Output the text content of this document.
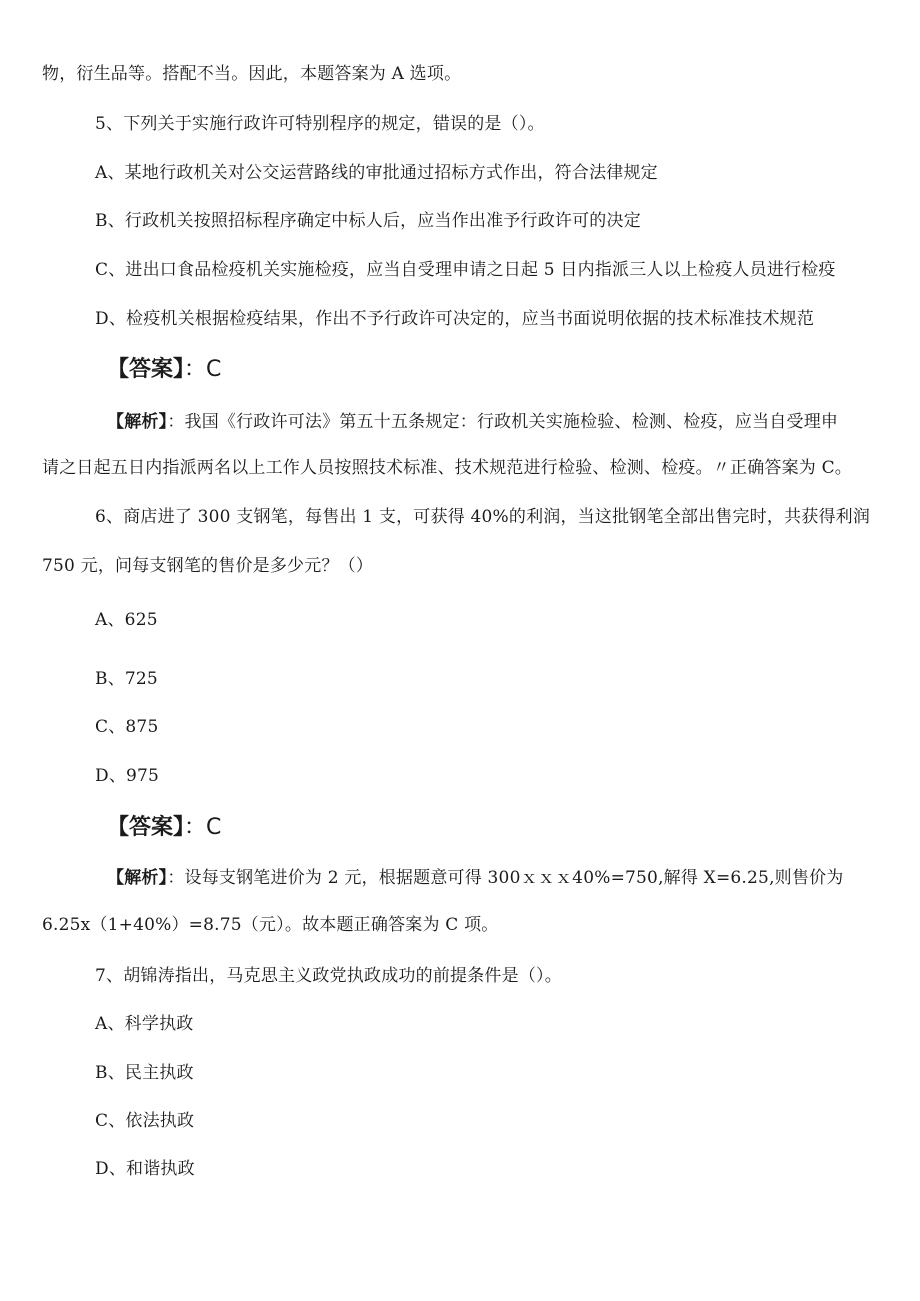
物，衍生品等。搭配不当。因此，本题答案为 A 选项。
5、下列关于实施行政许可特别程序的规定，错误的是（）。
A、某地行政机关对公交运营路线的审批通过招标方式作出，符合法律规定
B、行政机关按照招标程序确定中标人后，应当作出准予行政许可的决定
C、进出口食品检疫机关实施检疫，应当自受理申请之日起 5 日内指派三人以上检疫人员进行检疫
D、检疫机关根据检疫结果，作出不予行政许可决定的，应当书面说明依据的技术标准技术规范
【答案】：C
【解析】：我国《行政许可法》第五十五条规定：行政机关实施检验、检测、检疫，应当自受理申
请之日起五日内指派两名以上工作人员按照技术标准、技术规范进行检验、检测、检疫。〃正确答案为 C。
6、商店进了 300 支钢笔，每售出 1 支，可获得 40%的利润，当这批钢笔全部出售完时，共获得利润
750 元，问每支钢笔的售价是多少元？（）
A、625
B、725
C、875
D、975
【答案】：C
【解析】：设每支钢笔进价为 2 元，根据题意可得 300ｘｘｘ40%=750,解得 X=6.25,则售价为
6.25x（1+40%）=8.75（元）。故本题正确答案为 C 项。
7、胡锦涛指出，马克思主义政党执政成功的前提条件是（）。
A、科学执政
B、民主执政
C、依法执政
D、和谐执政
